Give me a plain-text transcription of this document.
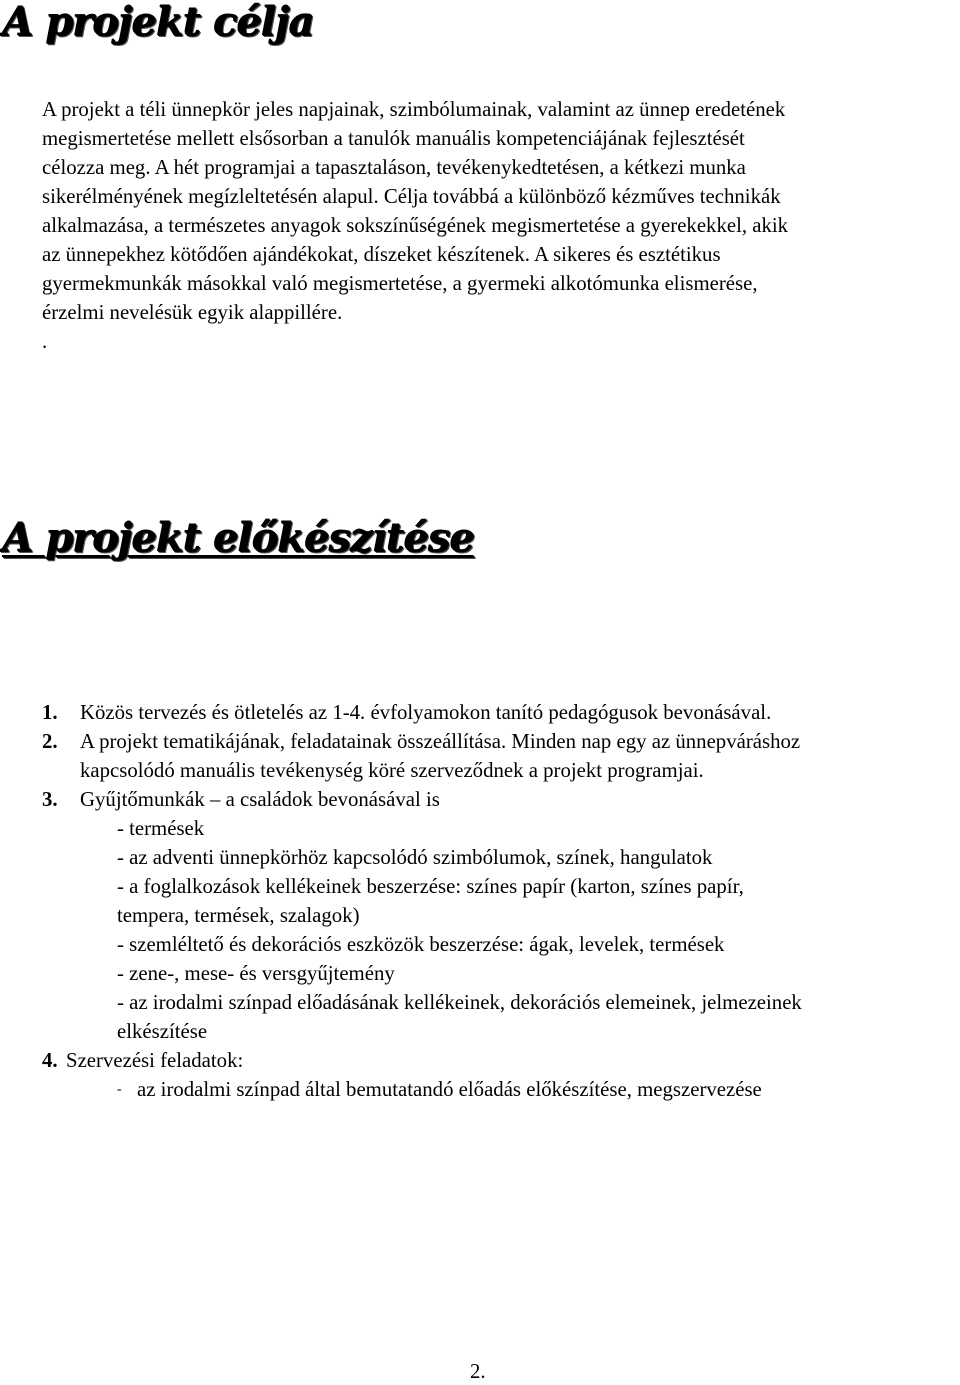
A projekt célja

A projekt a téli ünnepkör jeles napjainak, szimbólumainak, valamint az ünnep eredetének
megismertetése mellett elsősorban a tanulók manuális kompetenciájának fejlesztését
célozza meg. A hét programjai a tapasztaláson, tevékenykedtetésen, a kétkezi munka
sikerélményének megízleltetésén alapul. Célja továbbá a különböző kézműves technikák
alkalmazása, a természetes anyagok sokszínűségének megismertetése a gyerekekkel, akik
az ünnepekhez kötődően ajándékokat, díszeket készítenek. A sikeres és esztétikus
gyermekmunkák másokkal való megismertetése, a gyermeki alkotómunka elismerése,
érzelmi nevelésük egyik alappillére.
.

A projekt előkészítése
1. Közös tervezés és ötletelés az 1-4. évfolyamokon tanító pedagógusok bevonásával.
2. A projekt tematikájának, feladatainak összeállítása. Minden nap egy az ünnepváráshoz
kapcsolódó manuális tevékenység köré szerveződnek a projekt programjai.
3. Gyűjtőmunkák – a családok bevonásával is
- termések
- az adventi ünnepkörhöz kapcsolódó szimbólumok, színek, hangulatok
- a foglalkozások kellékeinek beszerzése: színes papír (karton, színes papír,
tempera, termések, szalagok)
- szemléltető és dekorációs eszközök beszerzése: ágak, levelek, termések
- zene-, mese- és versgyűjtemény
- az irodalmi színpad előadásának kellékeinek, dekorációs elemeinek, jelmezeinek
elkészítése
4. Szervezési feladatok:
- az irodalmi színpad által bemutatandó előadás előkészítése, megszervezése
2.
